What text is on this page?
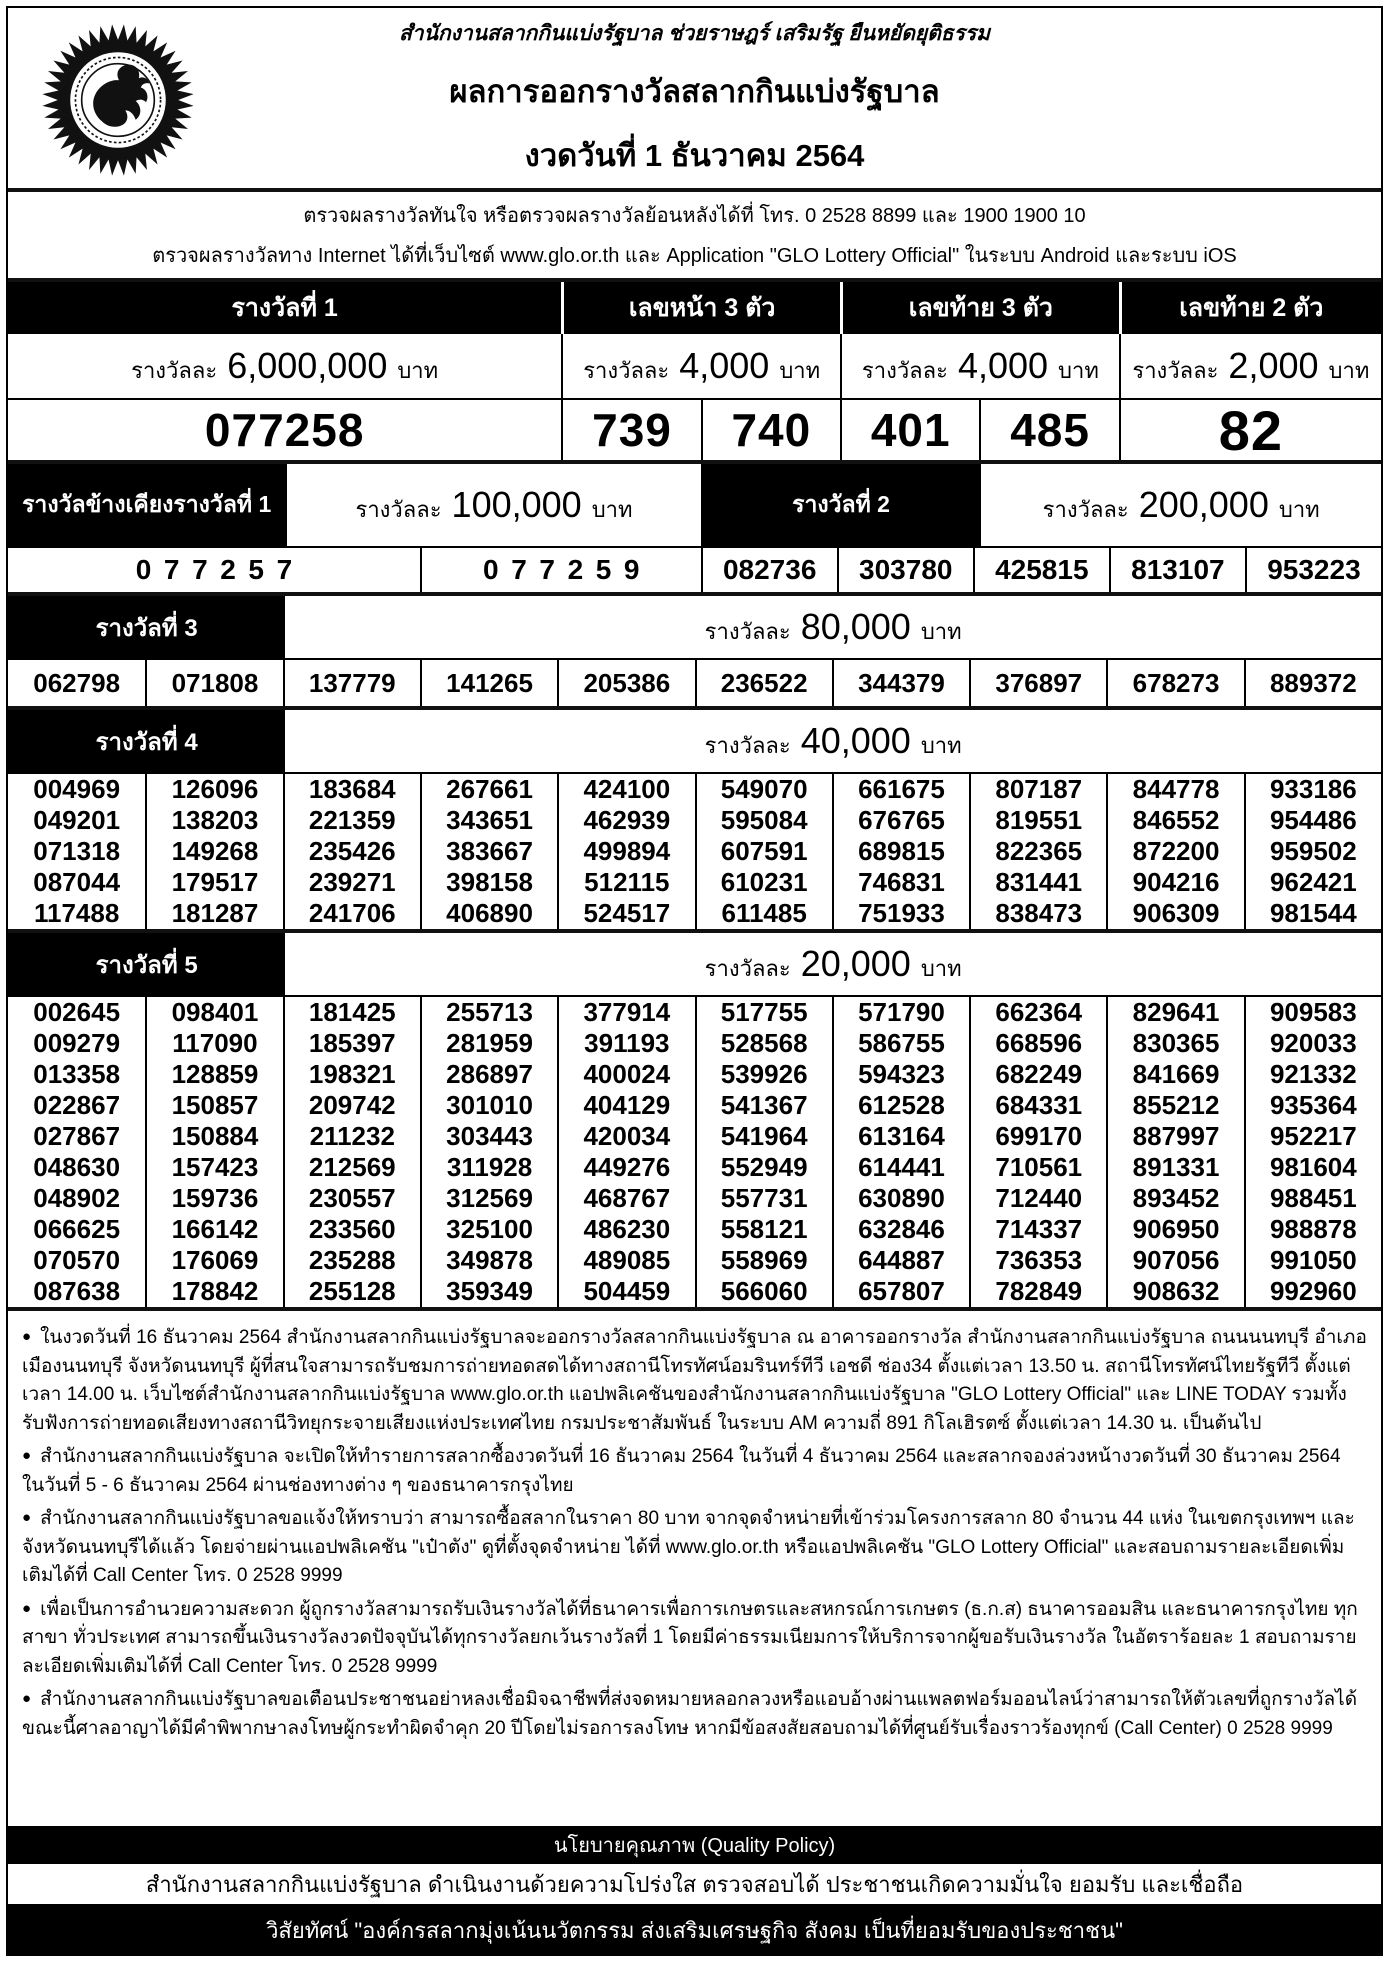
สำนักงานสลากกินแบ่งรัฐบาล ช่วยราษฎร์ เสริมรัฐ ยืนหยัดยุติธรรม
ผลการออกรางวัลสลากกินแบ่งรัฐบาล
งวดวันที่ 1 ธันวาคม 2564
ตรวจผลรางวัลทันใจ หรือตรวจผลรางวัลย้อนหลังได้ที่ โทร. 0 2528 8899 และ 1900 1900 10
ตรวจผลรางวัลทาง Internet ได้ที่เว็บไซต์ www.glo.or.th และ Application "GLO Lottery Official" ในระบบ Android และระบบ iOS
รางวัลที่ 1	เลขหน้า 3 ตัว	เลขท้าย 3 ตัว	เลขท้าย 2 ตัว
รางวัลละ 6,000,000 บาท	รางวัลละ 4,000 บาท รางวัลละ 4,000 บาท รางวัลละ 2,000 บาท
077258	739	740	401	485	82
รางวัลข้างเคียงรางวัลที่ 1	รางวัลละ 100,000 บาท	รางวัลที่ 2	รางวัลละ 200,000 บาท
077257	077259	082736	303780	425815	813107	953223
รางวัลที่ 3	รางวัลละ 80,000 บาท
062798	071808	137779	141265	205386	236522	344379	376897	678273	889372
รางวัลที่ 4	รางวัลละ 40,000 บาท
004969	126096	183684	267661	424100	549070	661675	807187	844778	933186
049201	138203	221359	343651	462939	595084	676765	819551	846552	954486
071318	149268	235426	383667	499894	607591	689815	822365	872200	959502
087044	179517	239271	398158	512115	610231	746831	831441	904216	962421
117488	181287	241706	406890	524517	611485	751933	838473	906309	981544
รางวัลที่ 5	รางวัลละ 20,000 บาท
002645	098401	181425	255713	377914	517755	571790	662364	829641	909583
009279	117090	185397	281959	391193	528568	586755	668596	830365	920033
013358	128859	198321	286897	400024	539926	594323	682249	841669	921332
022867	150857	209742	301010	404129	541367	612528	684331	855212	935364
027867	150884	211232	303443	420034	541964	613164	699170	887997	952217
048630	157423	212569	311928	449276	552949	614441	710561	891331	981604
048902	159736	230557	312569	468767	557731	630890	712440	893452	988451
066625	166142	233560	325100	486230	558121	632846	714337	906950	988878
070570	176069	235288	349878	489085	558969	644887	736353	907056	991050
087638	178842	255128	359349	504459	566060	657807	782849	908632	992960
● ในงวดวันที่ 16 ธันวาคม 2564 สำนักงานสลากกินแบ่งรัฐบาลจะออกรางวัลสลากกินแบ่งรัฐบาล ณ อาคารออกรางวัล สำนักงานสลากกินแบ่งรัฐบาล ถนนนนทบุรี อำเภอเมืองนนทบุรี จังหวัดนนทบุรี ผู้ที่สนใจสามารถรับชมการถ่ายทอดสดได้ทางสถานีโทรทัศน์อมรินทร์ทีวี เอชดี ช่อง34 ตั้งแต่เวลา 13.50 น. สถานีโทรทัศน์ไทยรัฐทีวี ตั้งแต่เวลา 14.00 น. เว็บไซต์สำนักงานสลากกินแบ่งรัฐบาล www.glo.or.th แอปพลิเคชันของสำนักงานสลากกินแบ่งรัฐบาล "GLO Lottery Official" และ LINE TODAY รวมทั้งรับฟังการถ่ายทอดเสียงทางสถานีวิทยุกระจายเสียงแห่งประเทศไทย กรมประชาสัมพันธ์ ในระบบ AM ความถี่ 891 กิโลเฮิรตซ์ ตั้งแต่เวลา 14.30 น. เป็นต้นไป
● สำนักงานสลากกินแบ่งรัฐบาล จะเปิดให้ทำรายการสลากซื้องวดวันที่ 16 ธันวาคม 2564 ในวันที่ 4 ธันวาคม 2564 และสลากจองล่วงหน้างวดวันที่ 30 ธันวาคม 2564 ในวันที่ 5 - 6 ธันวาคม 2564 ผ่านช่องทางต่าง ๆ ของธนาคารกรุงไทย
● สำนักงานสลากกินแบ่งรัฐบาลขอแจ้งให้ทราบว่า สามารถซื้อสลากในราคา 80 บาท จากจุดจำหน่ายที่เข้าร่วมโครงการสลาก 80 จำนวน 44 แห่ง ในเขตกรุงเทพฯ และจังหวัดนนทบุรีได้แล้ว โดยจ่ายผ่านแอปพลิเคชัน "เป๋าตัง" ดูที่ตั้งจุดจำหน่าย ได้ที่ www.glo.or.th หรือแอปพลิเคชัน "GLO Lottery Official" และสอบถามรายละเอียดเพิ่มเติมได้ที่ Call Center โทร. 0 2528 9999
● เพื่อเป็นการอำนวยความสะดวก ผู้ถูกรางวัลสามารถรับเงินรางวัลได้ที่ธนาคารเพื่อการเกษตรและสหกรณ์การเกษตร (ธ.ก.ส) ธนาคารออมสิน และธนาคารกรุงไทย ทุกสาขา ทั่วประเทศ สามารถขึ้นเงินรางวัลงวดปัจจุบันได้ทุกรางวัลยกเว้นรางวัลที่ 1 โดยมีค่าธรรมเนียมการให้บริการจากผู้ขอรับเงินรางวัล ในอัตราร้อยละ 1 สอบถามรายละเอียดเพิ่มเติมได้ที่ Call Center โทร. 0 2528 9999
● สำนักงานสลากกินแบ่งรัฐบาลขอเตือนประชาชนอย่าหลงเชื่อมิจฉาชีพที่ส่งจดหมายหลอกลวงหรือแอบอ้างผ่านแพลตฟอร์มออนไลน์ว่าสามารถให้ตัวเลขที่ถูกรางวัลได้ ขณะนี้ศาลอาญาได้มีคำพิพากษาลงโทษผู้กระทำผิดจำคุก 20 ปีโดยไม่รอการลงโทษ หากมีข้อสงสัยสอบถามได้ที่ศูนย์รับเรื่องราวร้องทุกข์ (Call Center) 0 2528 9999
นโยบายคุณภาพ (Quality Policy)
สำนักงานสลากกินแบ่งรัฐบาล ดำเนินงานด้วยความโปร่งใส ตรวจสอบได้ ประชาชนเกิดความมั่นใจ ยอมรับ และเชื่อถือ
วิสัยทัศน์ "องค์กรสลากมุ่งเน้นนวัตกรรม ส่งเสริมเศรษฐกิจ สังคม เป็นที่ยอมรับของประชาชน"
